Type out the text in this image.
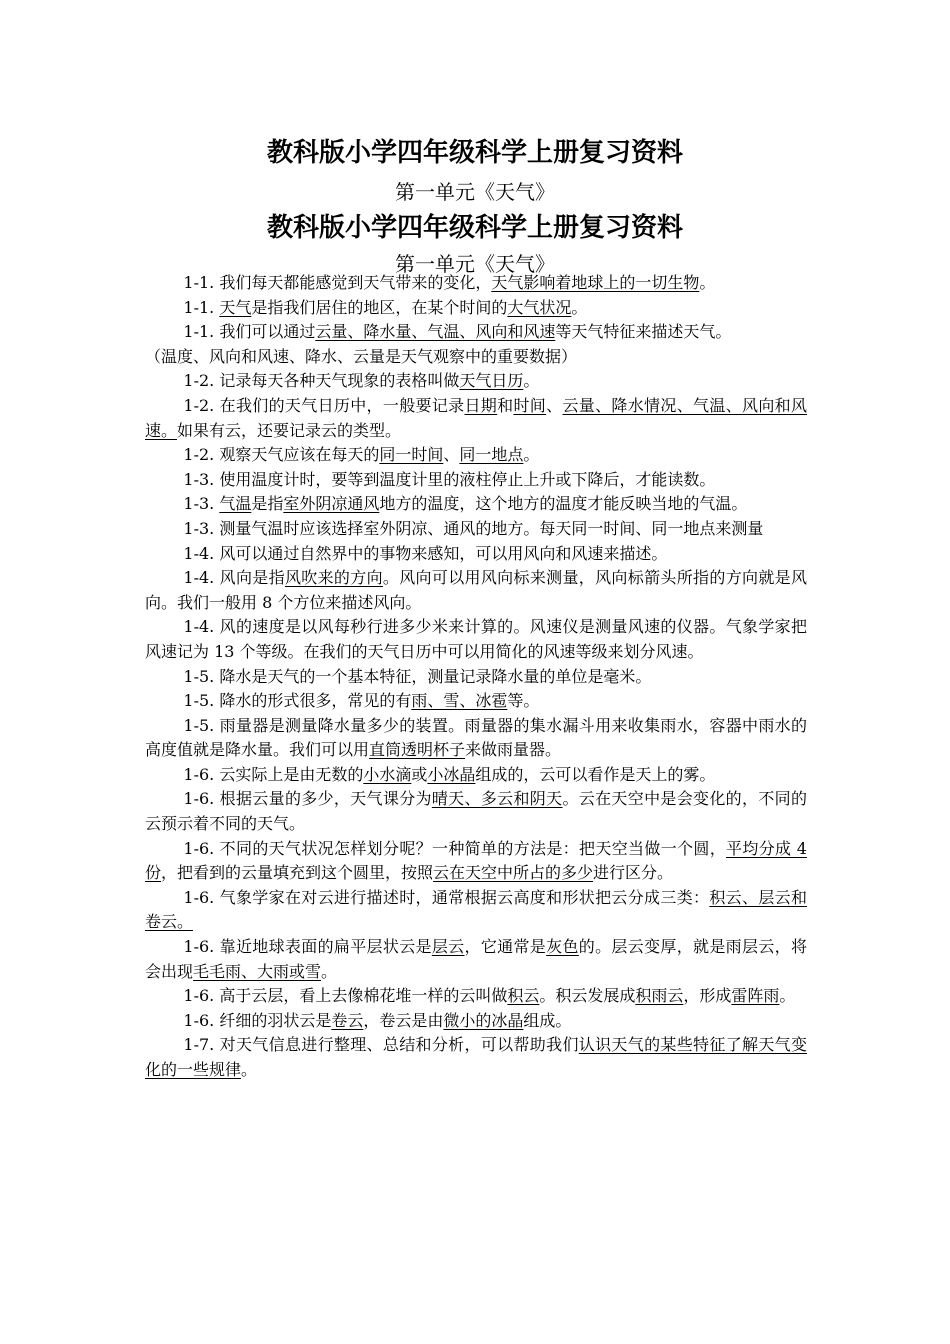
教科版小学四年级科学上册复习资料
第一单元《天气》
教科版小学四年级科学上册复习资料
第一单元《天气》

1-1. 我们每天都能感觉到天气带来的变化，天气影响着地球上的一切生物。

1-1. 天气是指我们居住的地区，在某个时间的大气状况。

1-1. 我们可以通过云量、降水量、气温、风向和风速等天气特征来描述天气。

（温度、风向和风速、降水、云量是天气观察中的重要数据）

1-2. 记录每天各种天气现象的表格叫做天气日历。

1-2. 在我们的天气日历中，一般要记录日期和时间、云量、降水情况、气温、风向和风速。如果有云，还要记录云的类型。

1-2. 观察天气应该在每天的同一时间、同一地点。

1-3. 使用温度计时，要等到温度计里的液柱停止上升或下降后，才能读数。

1-3. 气温是指室外阴凉通风地方的温度，这个地方的温度才能反映当地的气温。

1-3. 测量气温时应该选择室外阴凉、通风的地方。每天同一时间、同一地点来测量

1-4. 风可以通过自然界中的事物来感知，可以用风向和风速来描述。

1-4. 风向是指风吹来的方向。风向可以用风向标来测量，风向标箭头所指的方向就是风向。我们一般用 8 个方位来描述风向。

1-4. 风的速度是以风每秒行进多少米来计算的。风速仪是测量风速的仪器。气象学家把风速记为 13 个等级。在我们的天气日历中可以用简化的风速等级来划分风速。

1-5. 降水是天气的一个基本特征，测量记录降水量的单位是毫米。

1-5. 降水的形式很多，常见的有雨、雪、冰雹等。

1-5. 雨量器是测量降水量多少的装置。雨量器的集水漏斗用来收集雨水，容器中雨水的高度值就是降水量。我们可以用直筒透明杯子来做雨量器。

1-6. 云实际上是由无数的小水滴或小冰晶组成的，云可以看作是天上的雾。

1-6. 根据云量的多少，天气课分为晴天、多云和阴天。云在天空中是会变化的，不同的云预示着不同的天气。

1-6. 不同的天气状况怎样划分呢？一种简单的方法是：把天空当做一个圆，平均分成 4 份，把看到的云量填充到这个圆里，按照云在天空中所占的多少进行区分。

1-6. 气象学家在对云进行描述时，通常根据云高度和形状把云分成三类：积云、层云和卷云。

1-6. 靠近地球表面的扁平层状云是层云，它通常是灰色的。层云变厚，就是雨层云，将会出现毛毛雨、大雨或雪。

1-6. 高于云层，看上去像棉花堆一样的云叫做积云。积云发展成积雨云，形成雷阵雨。

1-6. 纤细的羽状云是卷云，卷云是由微小的冰晶组成。

1-7. 对天气信息进行整理、总结和分析，可以帮助我们认识天气的某些特征了解天气变化的一些规律。
